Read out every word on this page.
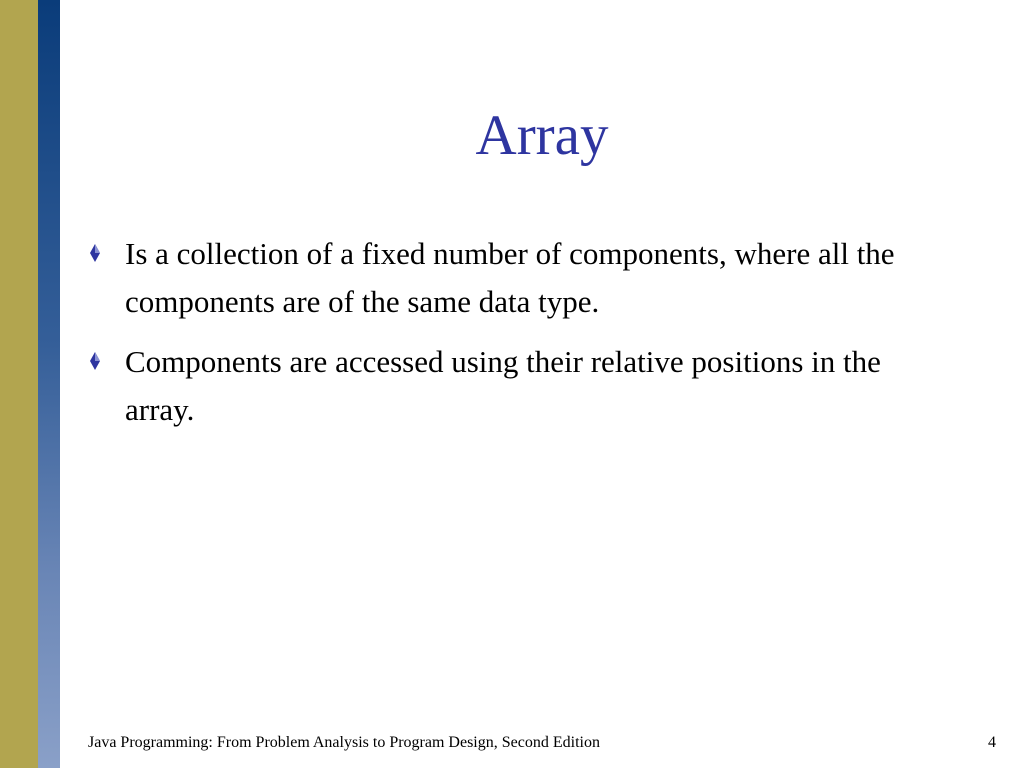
Array
Is a collection of a fixed number of components, where all the components are of the same data type.
Components are accessed using their relative positions in the array.
Java Programming: From Problem Analysis to Program Design, Second Edition	4
